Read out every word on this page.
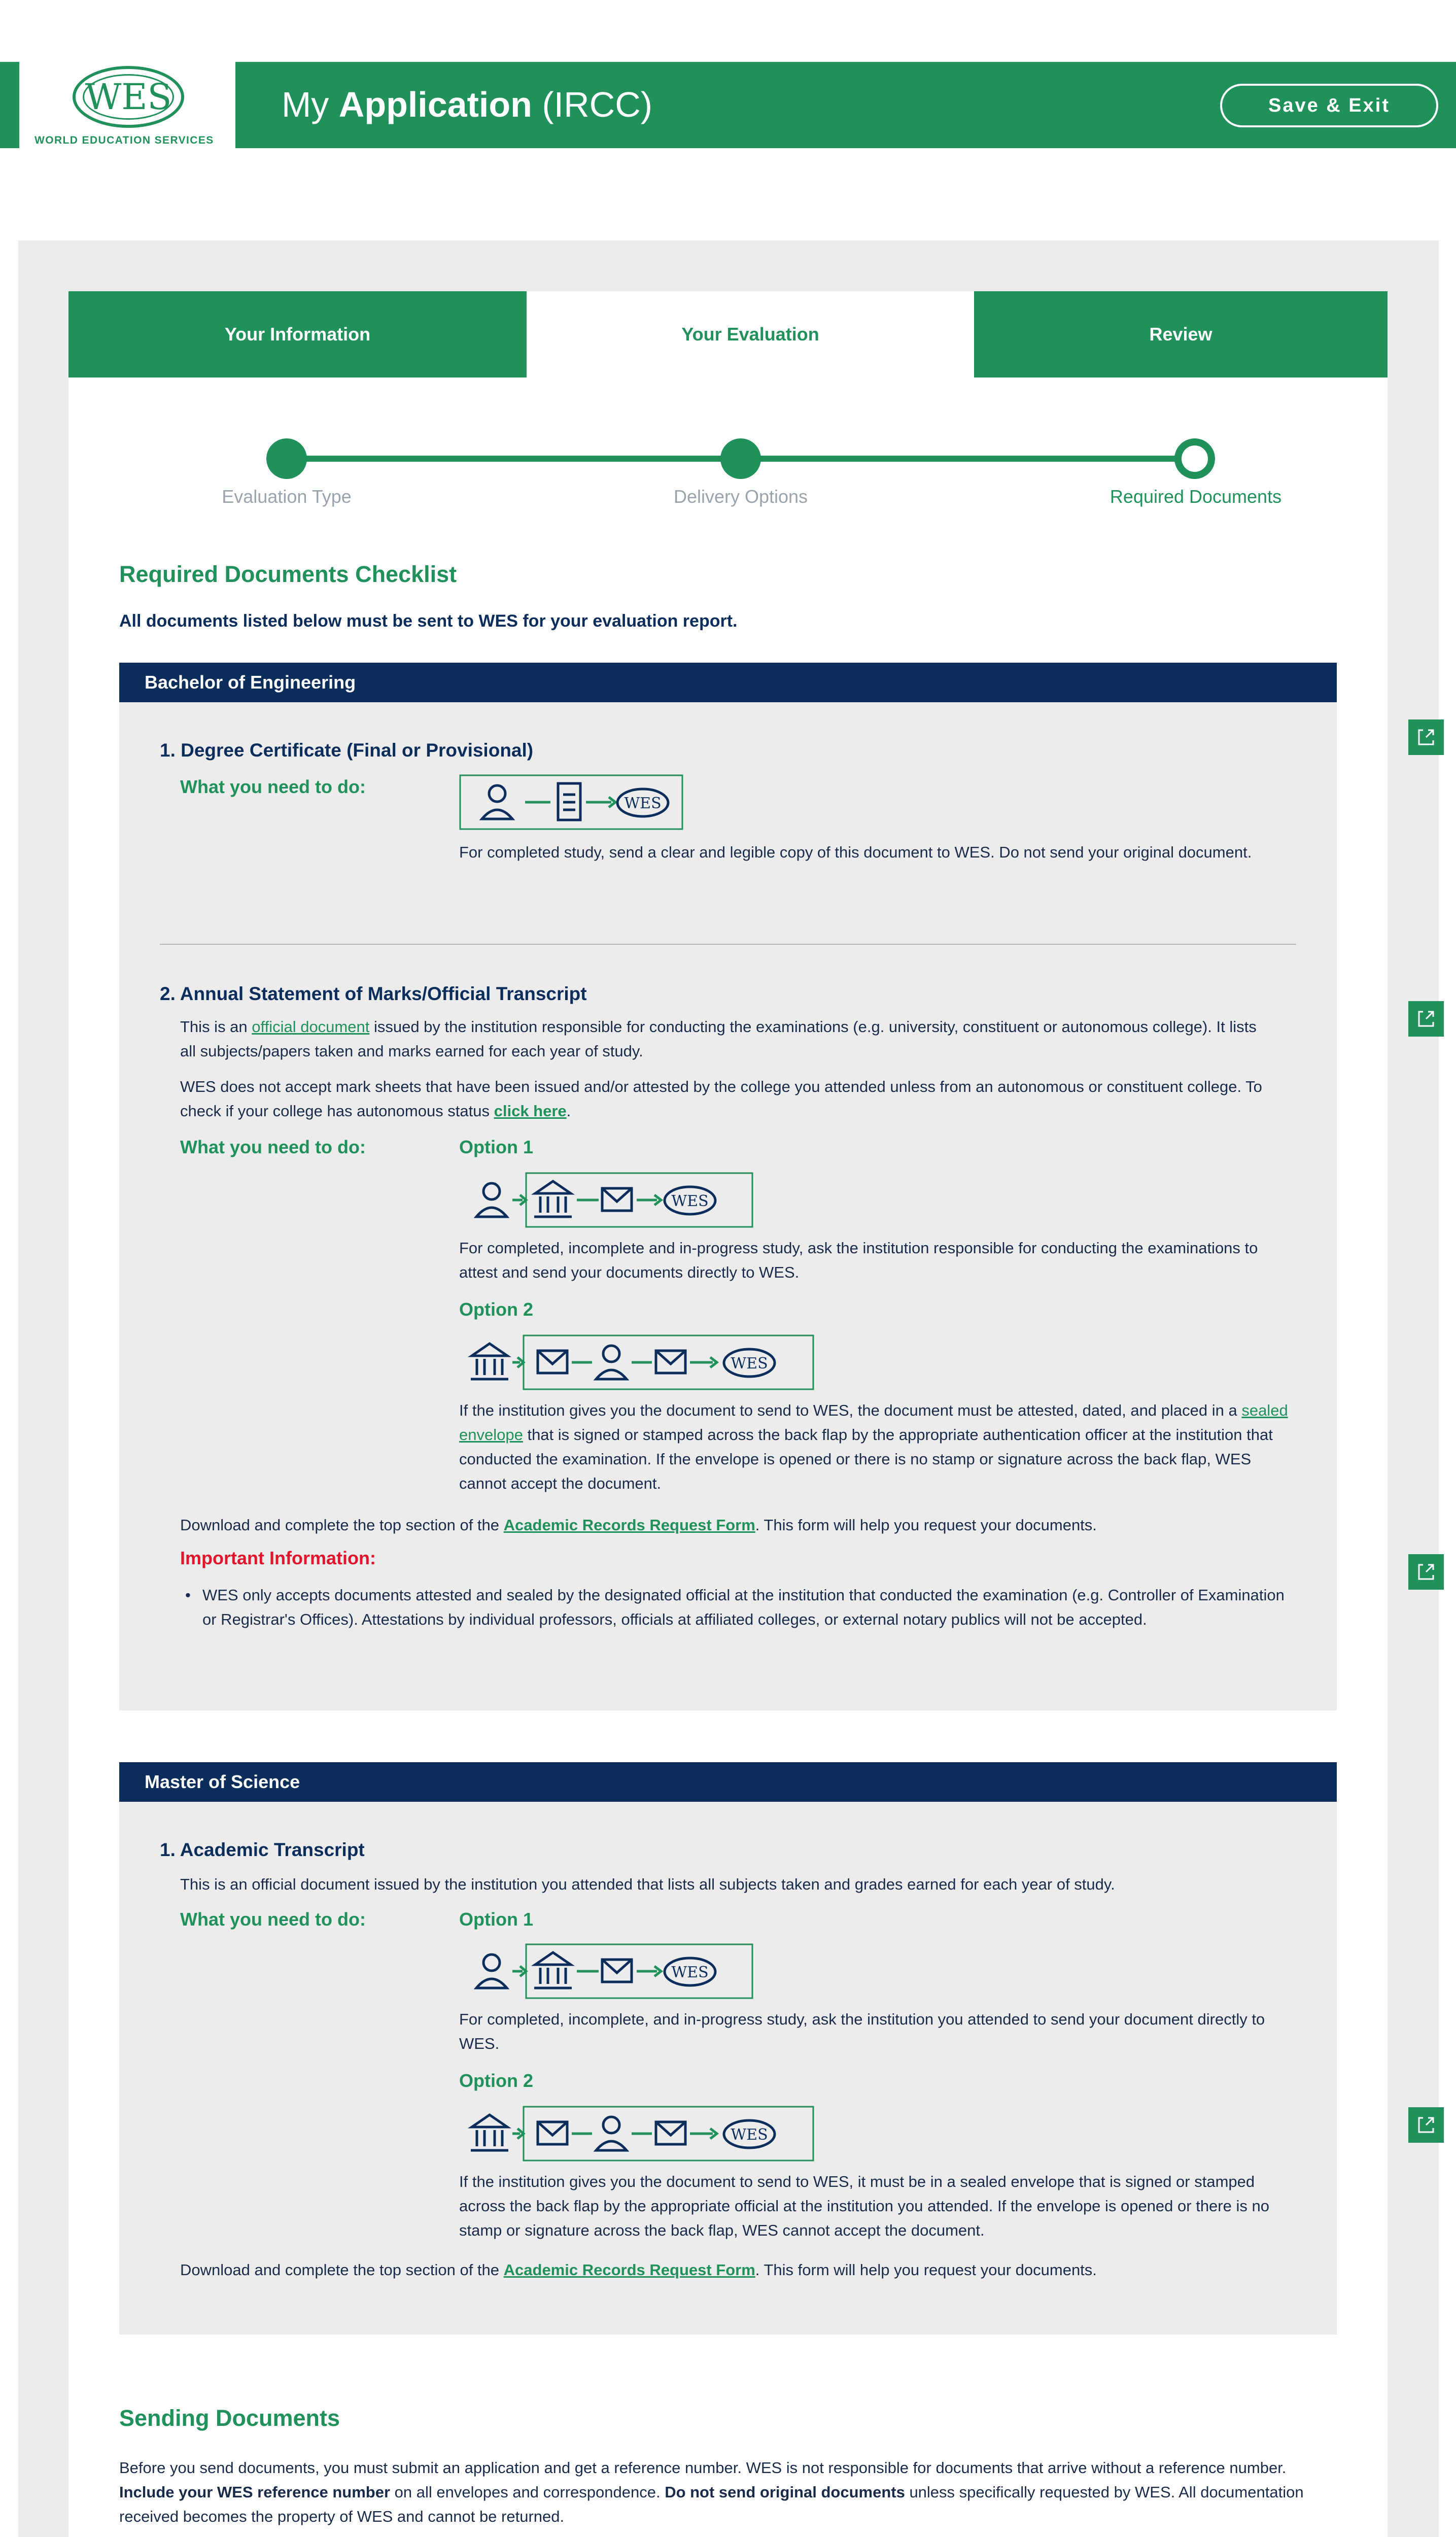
WES
WORLD EDUCATION SERVICES
My Application (IRCC)	Save & Exit
Your Information	Your Evaluation	Review
Evaluation Type	Delivery Options	Required Documents
Required Documents Checklist
All documents listed below must be sent to WES for your evaluation report.
Bachelor of Engineering
1. Degree Certificate (Final or Provisional)
What you need to do:
WES
For completed study, send a clear and legible copy of this document to WES. Do not send your original document.
2. Annual Statement of Marks/Official Transcript
This is an official document issued by the institution responsible for conducting the examinations (e.g. university, constituent or autonomous college). It lists all subjects/papers taken and marks earned for each year of study.
WES does not accept mark sheets that have been issued and/or attested by the college you attended unless from an autonomous or constituent college. To check if your college has autonomous status click here.
What you need to do:	Option 1
WES
For completed, incomplete and in-progress study, ask the institution responsible for conducting the examinations to attest and send your documents directly to WES.
Option 2
WES
If the institution gives you the document to send to WES, the document must be attested, dated, and placed in a sealed envelope that is signed or stamped across the back flap by the appropriate authentication officer at the institution that conducted the examination. If the envelope is opened or there is no stamp or signature across the back flap, WES cannot accept the document.
Download and complete the top section of the Academic Records Request Form. This form will help you request your documents.
Important Information:
• WES only accepts documents attested and sealed by the designated official at the institution that conducted the examination (e.g. Controller of Examination or Registrar's Offices). Attestations by individual professors, officials at affiliated colleges, or external notary publics will not be accepted.
Master of Science
1. Academic Transcript
This is an official document issued by the institution you attended that lists all subjects taken and grades earned for each year of study.
What you need to do:	Option 1
WES
For completed, incomplete, and in-progress study, ask the institution you attended to send your document directly to WES.
Option 2
WES
If the institution gives you the document to send to WES, it must be in a sealed envelope that is signed or stamped across the back flap by the appropriate official at the institution you attended. If the envelope is opened or there is no stamp or signature across the back flap, WES cannot accept the document.
Download and complete the top section of the Academic Records Request Form. This form will help you request your documents.
Sending Documents
Before you send documents, you must submit an application and get a reference number. WES is not responsible for documents that arrive without a reference number. Include your WES reference number on all envelopes and correspondence. Do not send original documents unless specifically requested by WES. All documentation received becomes the property of WES and cannot be returned.
